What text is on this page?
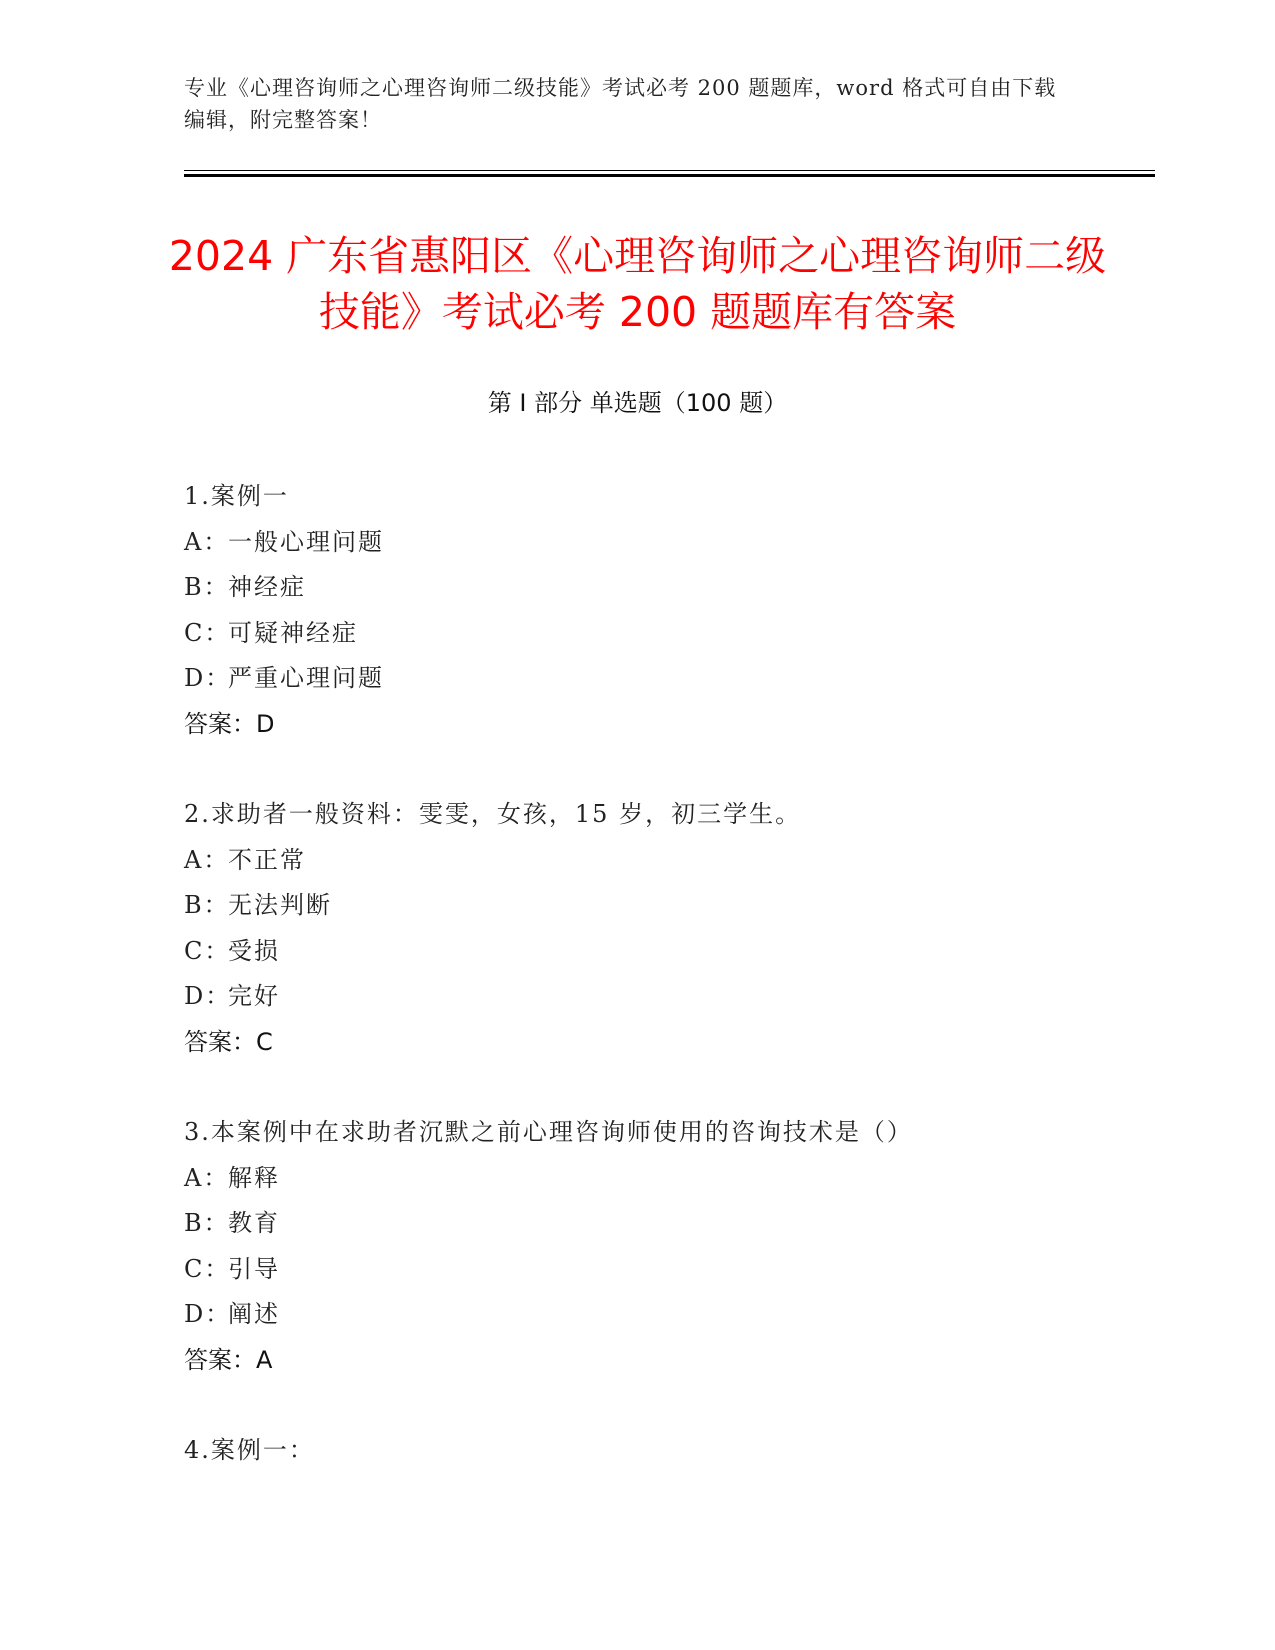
专业《心理咨询师之心理咨询师二级技能》考试必考 200 题题库，word 格式可自由下载编辑，附完整答案！
2024 广东省惠阳区《心理咨询师之心理咨询师二级技能》考试必考 200 题题库有答案
第 I 部分 单选题（100 题）
1.案例一
A：一般心理问题
B：神经症
C：可疑神经症
D：严重心理问题
答案：D
2.求助者一般资料：雯雯，女孩，15 岁，初三学生。
A：不正常
B：无法判断
C：受损
D：完好
答案：C
3.本案例中在求助者沉默之前心理咨询师使用的咨询技术是（）
A：解释
B：教育
C：引导
D：阐述
答案：A
4.案例一：
